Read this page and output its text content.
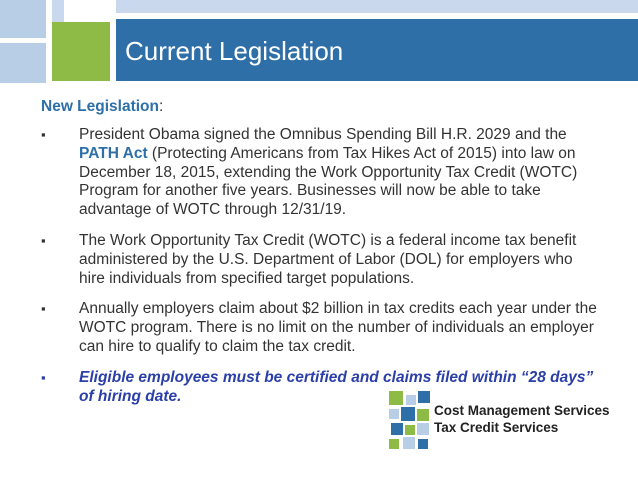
Current Legislation
New Legislation:
▪ President Obama signed the Omnibus Spending Bill H.R. 2029 and the PATH Act (Protecting Americans from Tax Hikes Act of 2015) into law on December 18, 2015, extending the Work Opportunity Tax Credit (WOTC) Program for another five years. Businesses will now be able to take advantage of WOTC through 12/31/19.
▪ The Work Opportunity Tax Credit (WOTC) is a federal income tax benefit administered by the U.S. Department of Labor (DOL) for employers who hire individuals from specified target populations.
▪ Annually employers claim about $2 billion in tax credits each year under the WOTC program. There is no limit on the number of individuals an employer can hire to qualify to claim the tax credit.
▪ Eligible employees must be certified and claims filed within “28 days” of hiring date.
Cost Management Services
Tax Credit Services
